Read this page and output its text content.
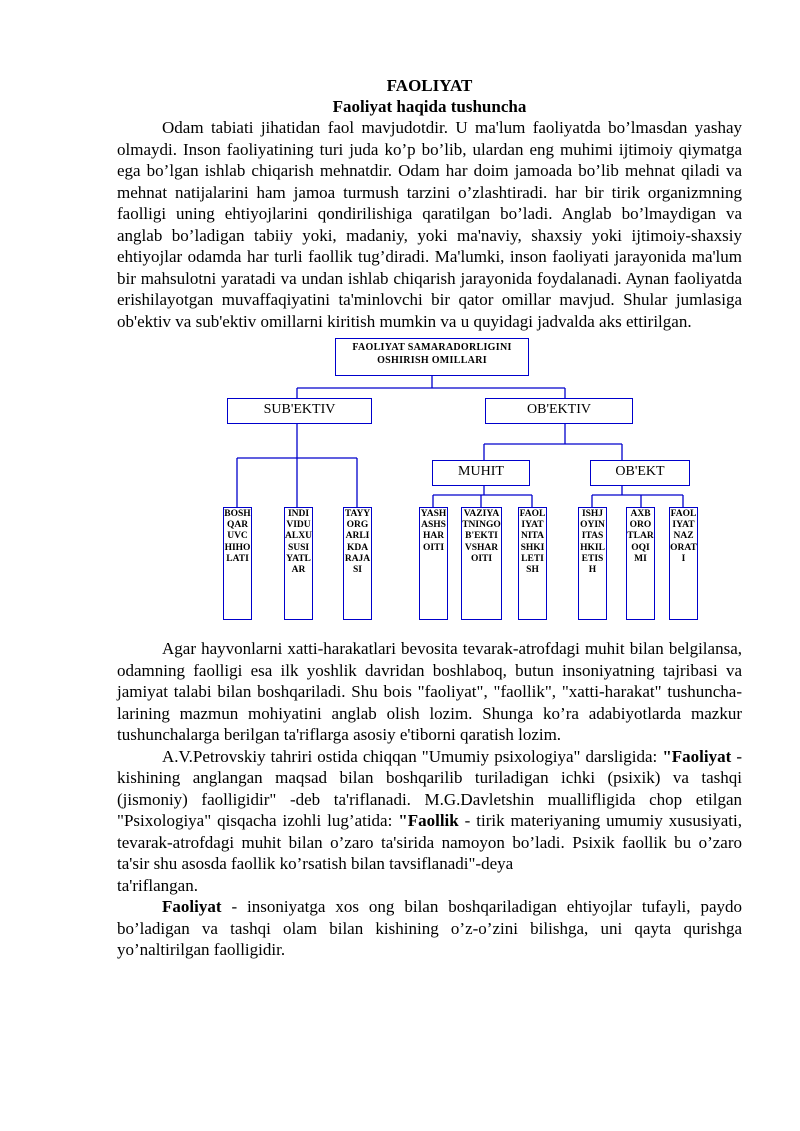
FAOLIYAT
Faoliyat haqida tushuncha

Odam tabiati jihatidan faol mavjudotdir. U ma'lum faoliyatda bo’lmasdan yashay olmaydi. Inson faoliyatining turi juda ko’p bo’lib, ulardan eng muhimi ijtimoiy qiymatga ega bo’lgan ishlab chiqarish mehnatdir. Odam har doim jamoada bo’lib mehnat qiladi va mehnat natijalarini ham jamoa turmush tarzini o’zlashtiradi. har bir tirik organizmning faolligi uning ehtiyojlarini qondirilishiga qaratilgan bo’ladi. Anglab bo’lmaydigan va anglab bo’ladigan tabiiy yoki, madaniy, yoki ma'naviy, shaxsiy yoki ijtimoiy-shaxsiy ehtiyojlar odamda har turli faollik tug’diradi. Ma'lumki, inson faoliyati jarayonida ma'lum bir mahsulotni yaratadi va undan ishlab chiqarish jarayonida foydalanadi. Aynan faoliyatda erishilayotgan muvaffaqiyatini ta'minlovchi bir qator omillar mavjud. Shular jumlasiga ob'ektiv va sub'ektiv omillarni kiritish mumkin va u quyidagi jadvalda aks ettirilgan.

FAOLIYAT SAMARADORLIGINI
OSHIRISH OMILLARI
SUB'EKTIV	OB'EKTIV
MUHIT	OB'EKT
BOSHQARUVCHIHOLATI
INDIVIDUALXUSUSIYATLAR
TAYYORGARLIKDARAJASI
YASHASHSHAROITI
VAZIYATNINGOB'EKTIVSHAROITI
FAOLIYATNITASHKILETISH
ISHJOYINITASHKILETISH
AXBOROTLAROQIMI
FAOLIYATNAZORATI

Agar hayvonlarni xatti-harakatlari bevosita tevarak-atrofdagi muhit bilan belgilansa, odamning faolligi esa ilk yoshlik davridan boshlaboq, butun insoniyatning tajribasi va jamiyat talabi bilan boshqariladi. Shu bois "faoliyat", "faollik", "xatti-harakat" tushuncha-larining mazmun mohiyatini anglab olish lozim. Shunga ko’ra adabiyotlarda mazkur tushunchalarga berilgan ta'riflarga asosiy e'tiborni qaratish lozim.

A.V.Petrovskiy tahriri ostida chiqqan "Umumiy psixologiya" darsligida: "Faoliyat - kishining anglangan maqsad bilan boshqarilib turiladigan ichki (psixik) va tashqi (jismoniy) faolligidir" -deb ta'riflanadi. M.G.Davletshin muallifligida chop etilgan "Psixologiya" qisqacha izohli lug’atida: "Faollik - tirik materiyaning umumiy xususiyati, tevarak-atrofdagi muhit bilan o’zaro ta'sirida namoyon bo’ladi. Psixik faollik bu o’zaro ta'sir shu asosda faollik ko’rsatish bilan tavsiflanadi"-deya

ta'riflangan.

Faoliyat - insoniyatga xos ong bilan boshqariladigan ehtiyojlar tufayli, paydo bo’ladigan va tashqi olam bilan kishining o’z-o’zini bilishga, uni qayta qurishga yo’naltirilgan faolligidir.
